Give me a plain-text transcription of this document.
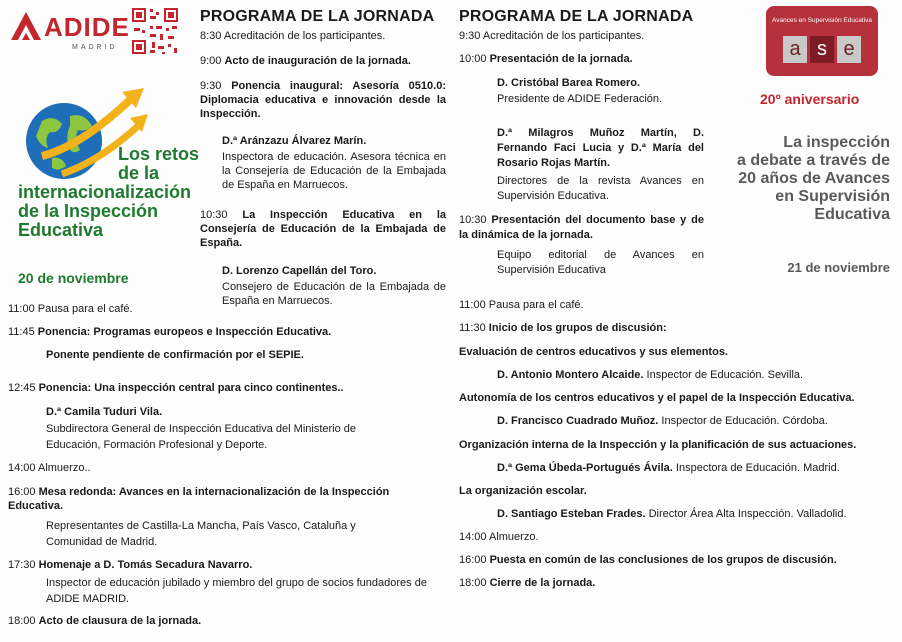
ADIDE
MADRID
Los retos
de la
internacionalización
de la Inspección
Educativa
20 de noviembre
PROGRAMA DE LA JORNADA
8:30 Acreditación de los participantes.
9:00 Acto de inauguración de la jornada.
9:30 Ponencia inaugural: Asesoría 0510.0: Diplomacia educativa e innovación desde la Inspección.
D.ª Aránzazu Álvarez Marín.
Inspectora de educación. Asesora técnica en la Consejería de Educación de la Embajada de España en Marruecos.
10:30 La Inspección Educativa en la Consejería de Educación de la Embajada de España.
D. Lorenzo Capellán del Toro.
Consejero de Educación de la Embajada de España en Marruecos.
11:00 Pausa para el café.
11:45 Ponencia: Programas europeos e Inspección Educativa.
Ponente pendiente de confirmación por el SEPIE.
12:45 Ponencia: Una inspección central para cinco continentes..
D.ª Camila Tuduri Vila.
Subdirectora General de Inspección Educativa del Ministerio de Educación, Formación Profesional y Deporte.
14:00 Almuerzo..
16:00 Mesa redonda: Avances en la internacionalización de la Inspección Educativa.
Representantes de Castilla-La Mancha, País Vasco, Cataluña y Comunidad de Madrid.
17:30 Homenaje a D. Tomás Secadura Navarro.
Inspector de educación jubilado y miembro del grupo de socios fundadores de ADIDE MADRID.
18:00 Acto de clausura de la jornada.
PROGRAMA DE LA JORNADA
9:30 Acreditación de los participantes.
10:00 Presentación de la jornada.
D. Cristóbal Barea Romero.
Presidente de ADIDE Federación.
D.ª Milagros Muñoz Martín, D. Fernando Faci Lucia y D.ª María del Rosario Rojas Martín.
Directores de la revista Avances en Supervisión Educativa.
10:30 Presentación del documento base y de la dinámica de la jornada.
Equipo editorial de Avances en Supervisión Educativa
11:00 Pausa para el café.
11:30 Inicio de los grupos de discusión:
Evaluación de centros educativos y sus elementos.
D. Antonio Montero Alcaide. Inspector de Educación. Sevilla.
Autonomía de los centros educativos y el papel de la Inspección Educativa.
D. Francisco Cuadrado Muñoz. Inspector de Educación. Córdoba.
Organización interna de la Inspección y la planificación de sus actuaciones.
D.ª Gema Úbeda-Portugués Ávila. Inspectora de Educación. Madrid.
La organización escolar.
D. Santiago Esteban Frades. Director Área Alta Inspección. Valladolid.
14:00 Almuerzo.
16:00 Puesta en común de las conclusiones de los grupos de discusión.
18:00 Cierre de la jornada.
Avances en Supervisión Educativa
a s e
20º aniversario
La inspección
a debate a través de
20 años de Avances
en Supervisión
Educativa
21 de noviembre
